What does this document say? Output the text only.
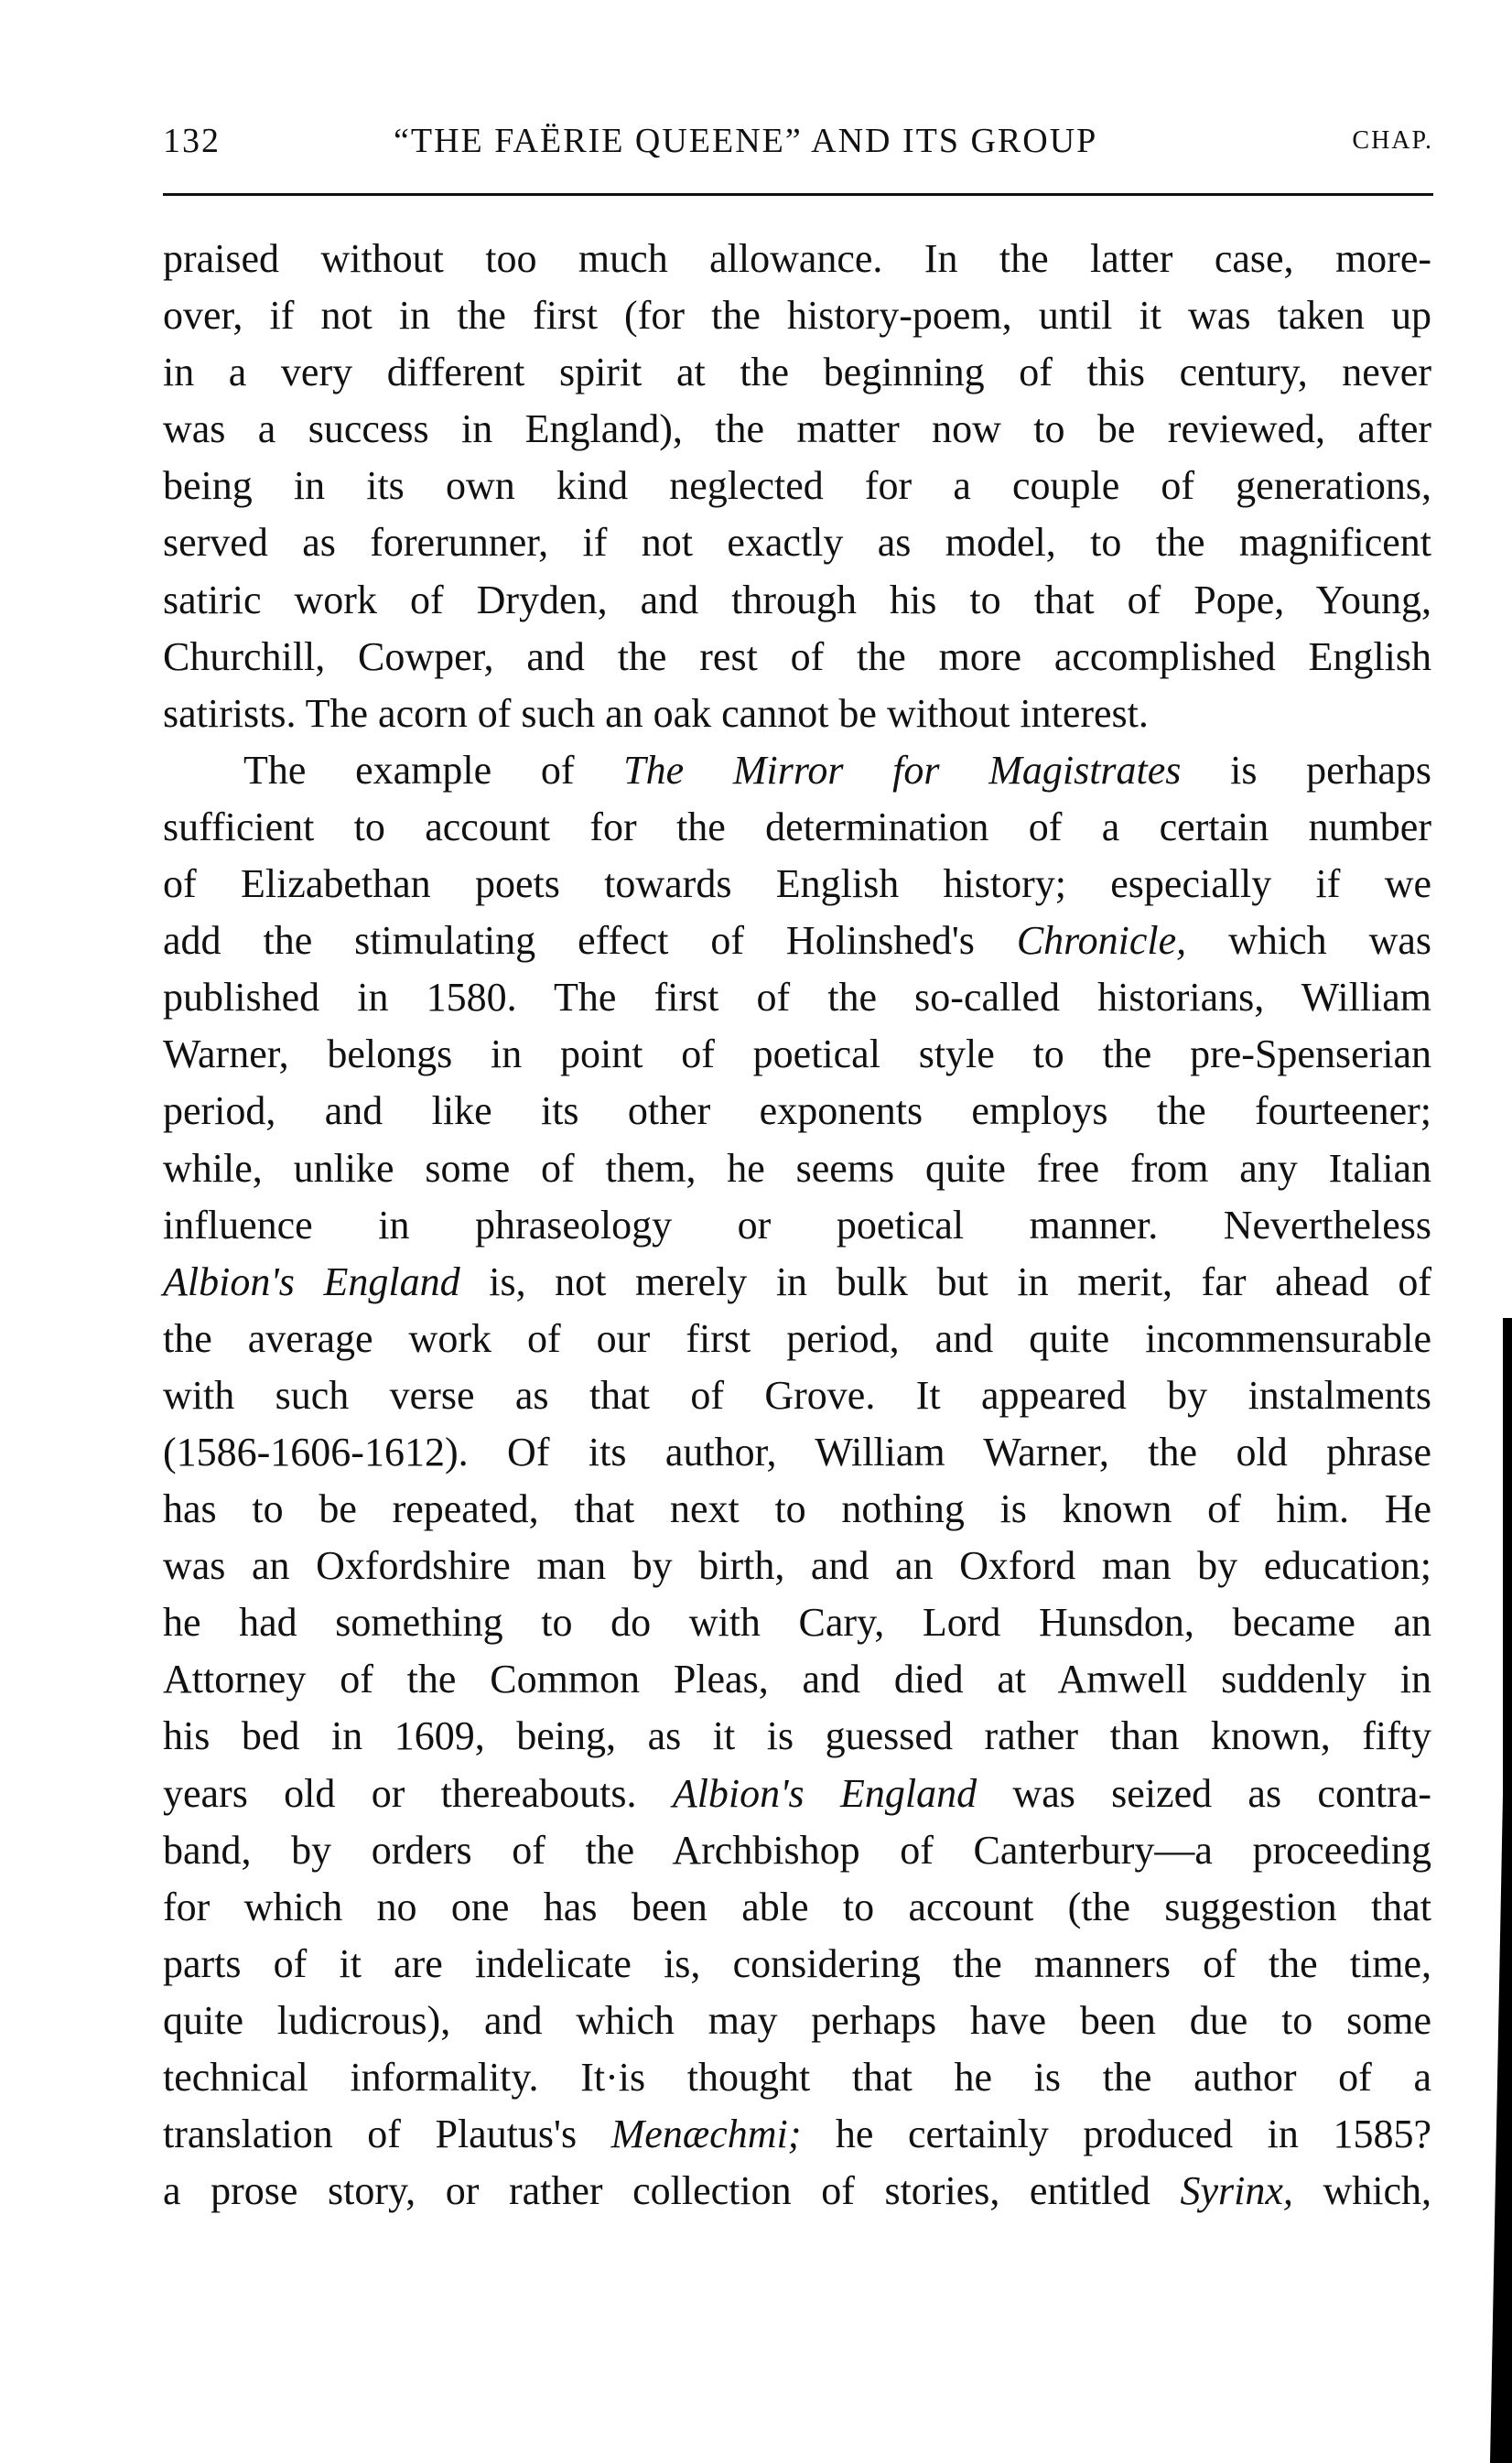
132	“THE FAËRIE QUEENE” AND ITS GROUP	CHAP.
praised without too much allowance. In the latter case, more-
over, if not in the first (for the history-poem, until it was taken up
in a very different spirit at the beginning of this century, never
was a success in England), the matter now to be reviewed, after
being in its own kind neglected for a couple of generations,
served as forerunner, if not exactly as model, to the magnificent
satiric work of Dryden, and through his to that of Pope, Young,
Churchill, Cowper, and the rest of the more accomplished English
satirists. The acorn of such an oak cannot be without interest.
The example of The Mirror for Magistrates is perhaps
sufficient to account for the determination of a certain number
of Elizabethan poets towards English history; especially if we
add the stimulating effect of Holinshed's Chronicle, which was
published in 1580. The first of the so-called historians, William
Warner, belongs in point of poetical style to the pre-Spenserian
period, and like its other exponents employs the fourteener;
while, unlike some of them, he seems quite free from any Italian
influence in phraseology or poetical manner. Nevertheless
Albion's England is, not merely in bulk but in merit, far ahead of
the average work of our first period, and quite incommensurable
with such verse as that of Grove. It appeared by instalments
(1586-1606-1612). Of its author, William Warner, the old phrase
has to be repeated, that next to nothing is known of him. He
was an Oxfordshire man by birth, and an Oxford man by education;
he had something to do with Cary, Lord Hunsdon, became an
Attorney of the Common Pleas, and died at Amwell suddenly in
his bed in 1609, being, as it is guessed rather than known, fifty
years old or thereabouts. Albion's England was seized as contra-
band, by orders of the Archbishop of Canterbury—a proceeding
for which no one has been able to account (the suggestion that
parts of it are indelicate is, considering the manners of the time,
quite ludicrous), and which may perhaps have been due to some
technical informality. It·is thought that he is the author of a
translation of Plautus's Menæchmi; he certainly produced in 1585?
a prose story, or rather collection of stories, entitled Syrinx, which,
